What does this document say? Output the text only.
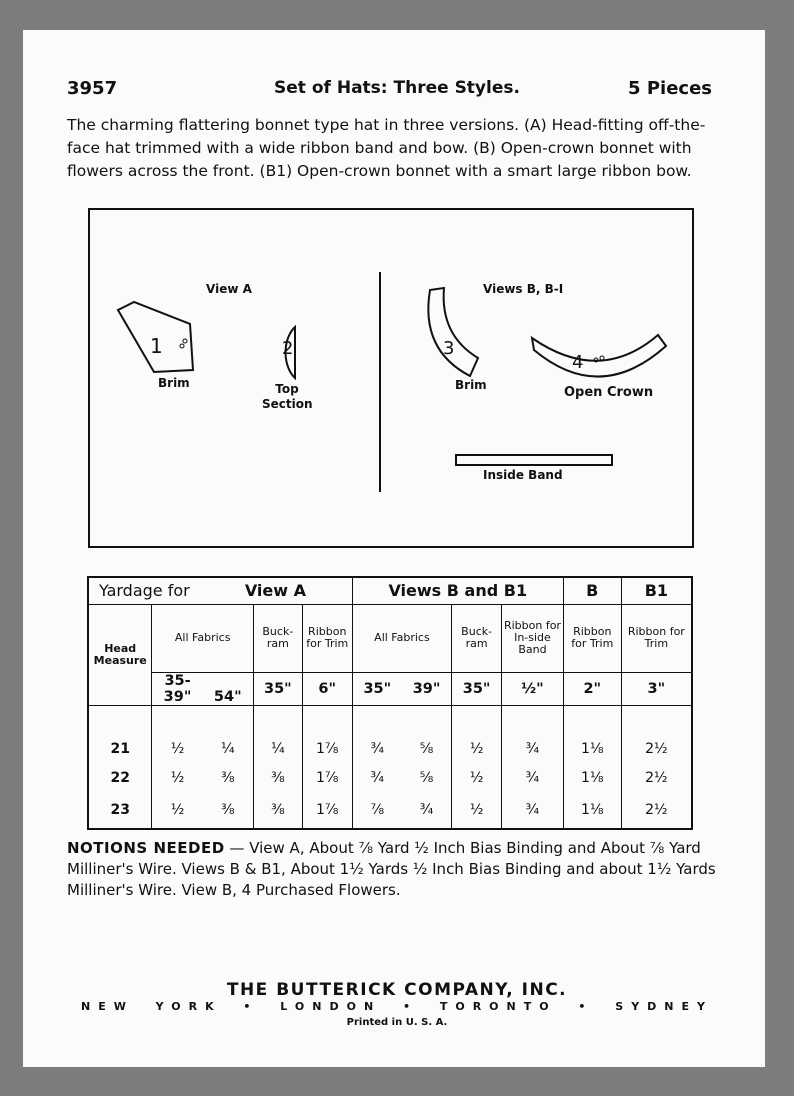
3957	Set of Hats: Three Styles.	5 Pieces
The charming flattering bonnet type hat in three versions. (A) Head-fitting off-the-face hat trimmed with a wide ribbon band and bow. (B) Open-crown bonnet with flowers across the front. (B1) Open-crown bonnet with a smart large ribbon bow.
View A	Views B, B-I
1
Brim
2
Top Section
3
Brim
4
Open Crown
Inside Band
Yardage for View A				Views B and B1			B	B1
Head Measure	All Fabrics	Buck-ram	Ribbon for Trim	All Fabrics	Buck-ram	Ribbon for In-side Band	Ribbon for Trim	Ribbon for Trim
	35-39" 54"	35"	6"	35" 39"	35"	½"	2"	3"

21	½ ¼	¼	1⅞	¾ ⅝	½	¾	1⅛	2½
22	½ ⅜	⅜	1⅞	¾ ⅝	½	¾	1⅛	2½
23	½ ⅜	⅜	1⅞	⅞ ¾	½	¾	1⅛	2½
NOTIONS NEEDED — View A, About ⅞ Yard ½ Inch Bias Binding and About ⅞ Yard Milliner's Wire. Views B & B1, About 1½ Yards ½ Inch Bias Binding and about 1½ Yards Milliner's Wire. View B, 4 Purchased Flowers.
THE BUTTERICK COMPANY, INC.
NEW YORK • LONDON • TORONTO • SYDNEY
Printed in U. S. A.
